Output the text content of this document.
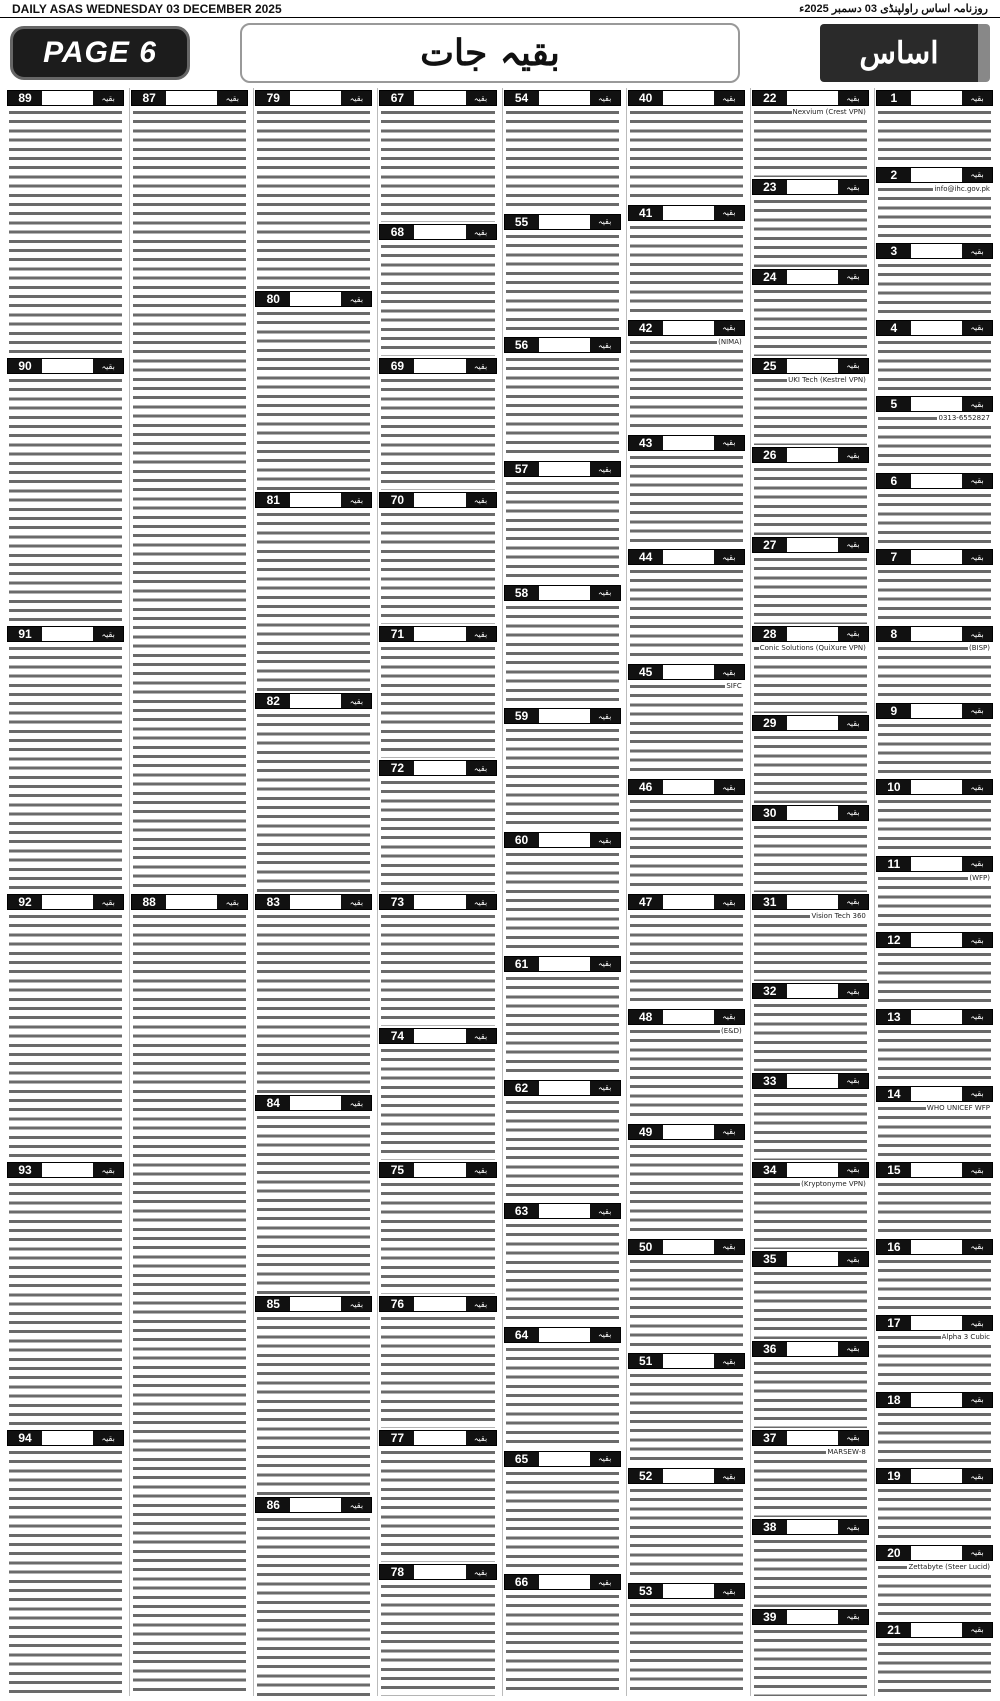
DAILY ASAS WEDNESDAY 03 DECEMBER 2025	روزنامہ اساس راولپنڈی 03 دسمبر 2025ء
PAGE 6	بقیہ جات	اساس
بقیہ
1
بقیہ
2
info@ihc.gov.pk
بقیہ
3
بقیہ
4
بقیہ
5
0313-6552827
بقیہ
6
بقیہ
7
بقیہ
8
(BISP)
بقیہ
9
بقیہ
10
بقیہ
11
(WFP)
بقیہ
12
بقیہ
13
بقیہ
14
WHO UNICEF WFP
بقیہ
15
بقیہ
16
بقیہ
17
Alpha 3 Cubic
بقیہ
18
بقیہ
19
بقیہ
20
Zettabyte (Steer Lucid)
بقیہ
21
بقیہ
22
Nexvium (Crest VPN)
بقیہ
23
بقیہ
24
بقیہ
25
UKI Tech (Kestrel VPN)
بقیہ
26
بقیہ
27
بقیہ
28
Conic Solutions (QuiXure VPN)
بقیہ
29
بقیہ
30
بقیہ
31
Vision Tech 360
بقیہ
32
بقیہ
33
بقیہ
34
(Kryptonyme VPN)
بقیہ
35
بقیہ
36
بقیہ
37
8-MARSEW
بقیہ
38
بقیہ
39
بقیہ
40
بقیہ
41
بقیہ
42
(NIMA)
بقیہ
43
بقیہ
44
بقیہ
45
SIFC
بقیہ
46
بقیہ
47
بقیہ
48
(E&D)
بقیہ
49
بقیہ
50
بقیہ
51
بقیہ
52
بقیہ
53
بقیہ
54
بقیہ
55
بقیہ
56
بقیہ
57
بقیہ
58
بقیہ
59
بقیہ
60
بقیہ
61
بقیہ
62
بقیہ
63
بقیہ
64
بقیہ
65
بقیہ
66
بقیہ
67
بقیہ
68
بقیہ
69
بقیہ
70
بقیہ
71
بقیہ
72
بقیہ
73
بقیہ
74
بقیہ
75
بقیہ
76
بقیہ
77
بقیہ
78
بقیہ
79
بقیہ
80
بقیہ
81
بقیہ
82
بقیہ
83
بقیہ
84
بقیہ
85
بقیہ
86
بقیہ
87
بقیہ
88
بقیہ
89
بقیہ
90
بقیہ
91
بقیہ
92
بقیہ
93
بقیہ
94
